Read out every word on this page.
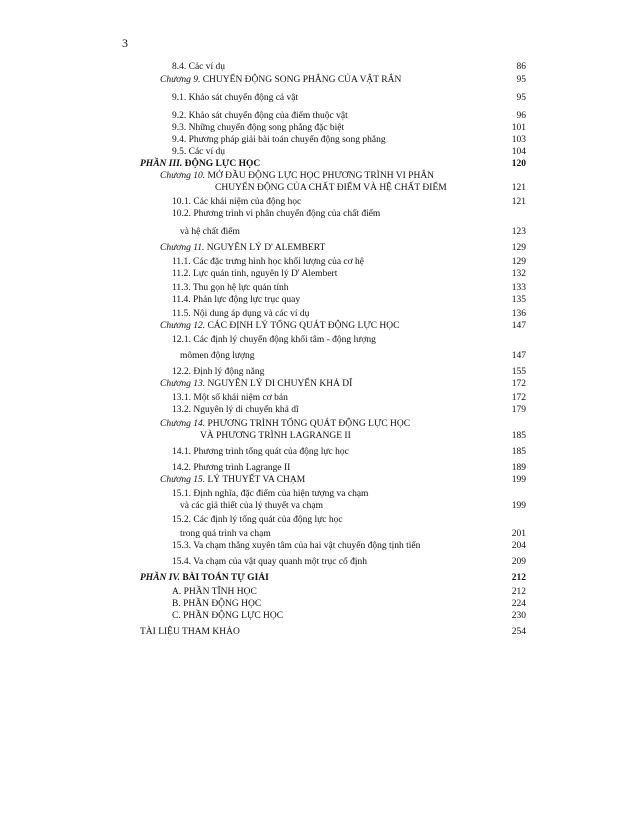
3
8.4. Các ví dụ	86
Chương 9. CHUYỂN ĐỘNG SONG PHẲNG CỦA VẬT RẮN	95
9.1. Khảo sát chuyển động cả vật	95
9.2. Khảo sát chuyển động của điểm thuộc vật	96
9.3. Những chuyển động song phẳng đặc biệt	101
9.4. Phương pháp giải bài toán chuyển động song phẳng	103
9.5. Các ví dụ	104
PHẦN III. ĐỘNG LỰC HỌC	120
Chương 10. MỞ ĐẦU ĐỘNG LỰC HỌC PHƯƠNG TRÌNH VI PHÂN
CHUYỂN ĐỘNG CỦA CHẤT ĐIỂM VÀ HỆ CHẤT ĐIỂM	121
10.1. Các khái niệm của động học	121
10.2. Phương trình vi phân chuyển động của chất điểm
và hệ chất điểm	123
Chương 11. NGUYÊN LÝ D' ALEMBERT	129
11.1. Các đặc trưng hình học khối lượng của cơ hệ	129
11.2. Lực quán tính, nguyên lý D' Alembert	132
11.3. Thu gọn hệ lực quán tính	133
11.4. Phản lực động lực trục quay	135
11.5. Nội dung áp dụng và các ví dụ	136
Chương 12. CÁC ĐỊNH LÝ TỔNG QUÁT ĐỘNG LỰC HỌC	147
12.1. Các định lý chuyển động khối tâm - động lượng
mômen động lượng	147
12.2. Định lý động năng	155
Chương 13. NGUYÊN LÝ DI CHUYỂN KHẢ DĨ	172
13.1. Một số khái niệm cơ bản	172
13.2. Nguyên lý di chuyển khả dĩ	179
Chương 14. PHƯƠNG TRÌNH TỔNG QUÁT ĐỘNG LỰC HỌC
VÀ PHƯƠNG TRÌNH LAGRANGE II	185
14.1. Phương trình tổng quát của động lực học	185
14.2. Phương trình Lagrange II	189
Chương 15. LÝ THUYẾT VA CHẠM	199
15.1. Định nghĩa, đặc điểm của hiện tượng va chạm
và các giả thiết của lý thuyết va chạm	199
15.2. Các định lý tổng quát của động lực học
trong quá trình va chạm	201
15.3. Va chạm thẳng xuyên tâm của hai vật chuyển động tịnh tiến	204
15.4. Va chạm của vật quay quanh một trục cố định	209
PHẦN IV. BÀI TOÁN TỰ GIẢI	212
A. PHẦN TĨNH HỌC	212
B. PHẦN ĐỘNG HỌC	224
C. PHẦN ĐỘNG LỰC HỌC	230
TÀI LIỆU THAM KHẢO	254
